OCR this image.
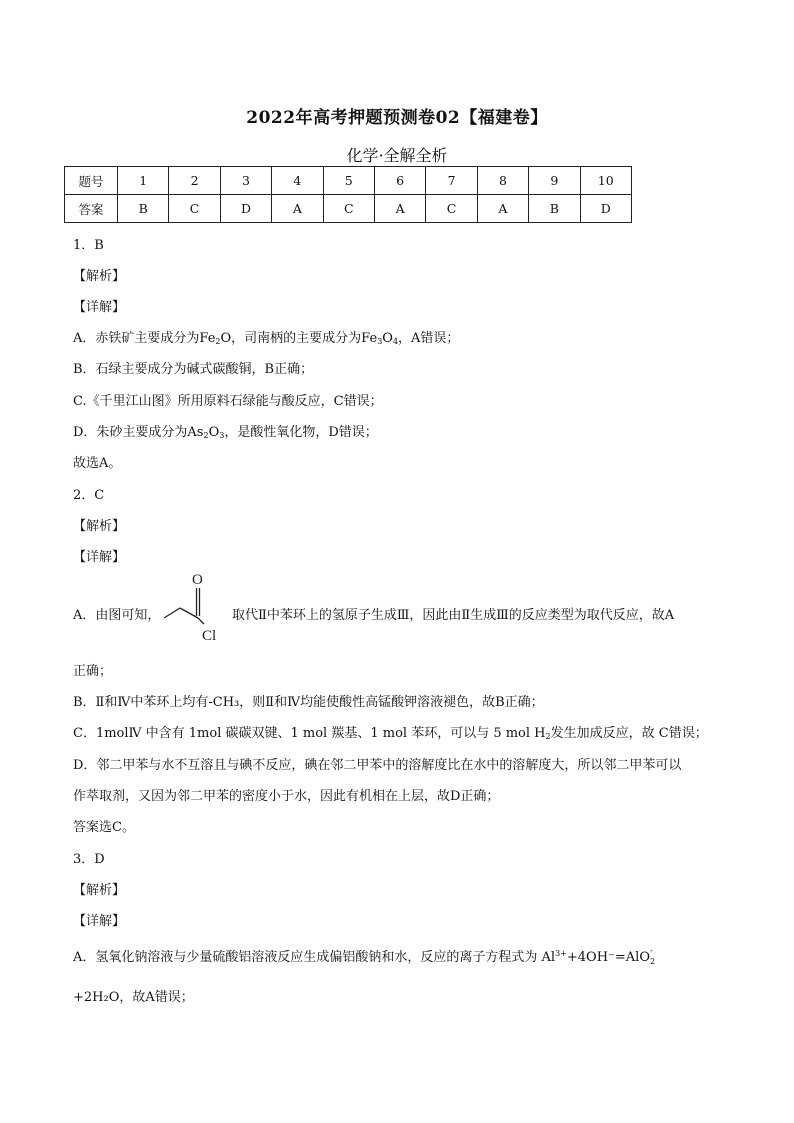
2022年高考押题预测卷02【福建卷】
化学·全解全析
题号	1	2	3	4	5	6	7	8	9	10
答案	B	C	D	A	C	A	C	A	B	D
1．B
【解析】
【详解】
A．赤铁矿主要成分为$Fe_2O$，司南柄的主要成分为$Fe_3O_4$，A错误；
B．石绿主要成分为碱式碳酸铜，B正确；
C.《千里江山图》所用原料石绿能与酸反应，C错误；
D．朱砂主要成分为$As_2O_3$，是酸性氧化物，D错误；
故选A。
2．C
【解析】
【详解】
A．由图可知，
O
Cl
取代Ⅱ中苯环上的氢原子生成Ⅲ，因此由Ⅱ生成Ⅲ的反应类型为取代反应，故A
正确；
B．Ⅱ和Ⅳ中苯环上均有-CH₃，则Ⅱ和Ⅳ均能使酸性高锰酸钾溶液褪色，故B正确；
C．1molⅣ 中含有 1mol 碳碳双键、1 mol 羰基、1 mol 苯环，可以与 5 mol $H_2$发生加成反应，故 C错误；
D．邻二甲苯与水不互溶且与碘不反应，碘在邻二甲苯中的溶解度比在水中的溶解度大，所以邻二甲苯可以
作萃取剂，又因为邻二甲苯的密度小于水，因此有机相在上层，故D正确；
答案选C。
3．D
【解析】
【详解】
A．氢氧化钠溶液与少量硫酸铝溶液反应生成偏铝酸钠和水，反应的离子方程式为 $Al^{3+}+4OH^-=AlO$ -
2
+2H₂O，故A错误；
